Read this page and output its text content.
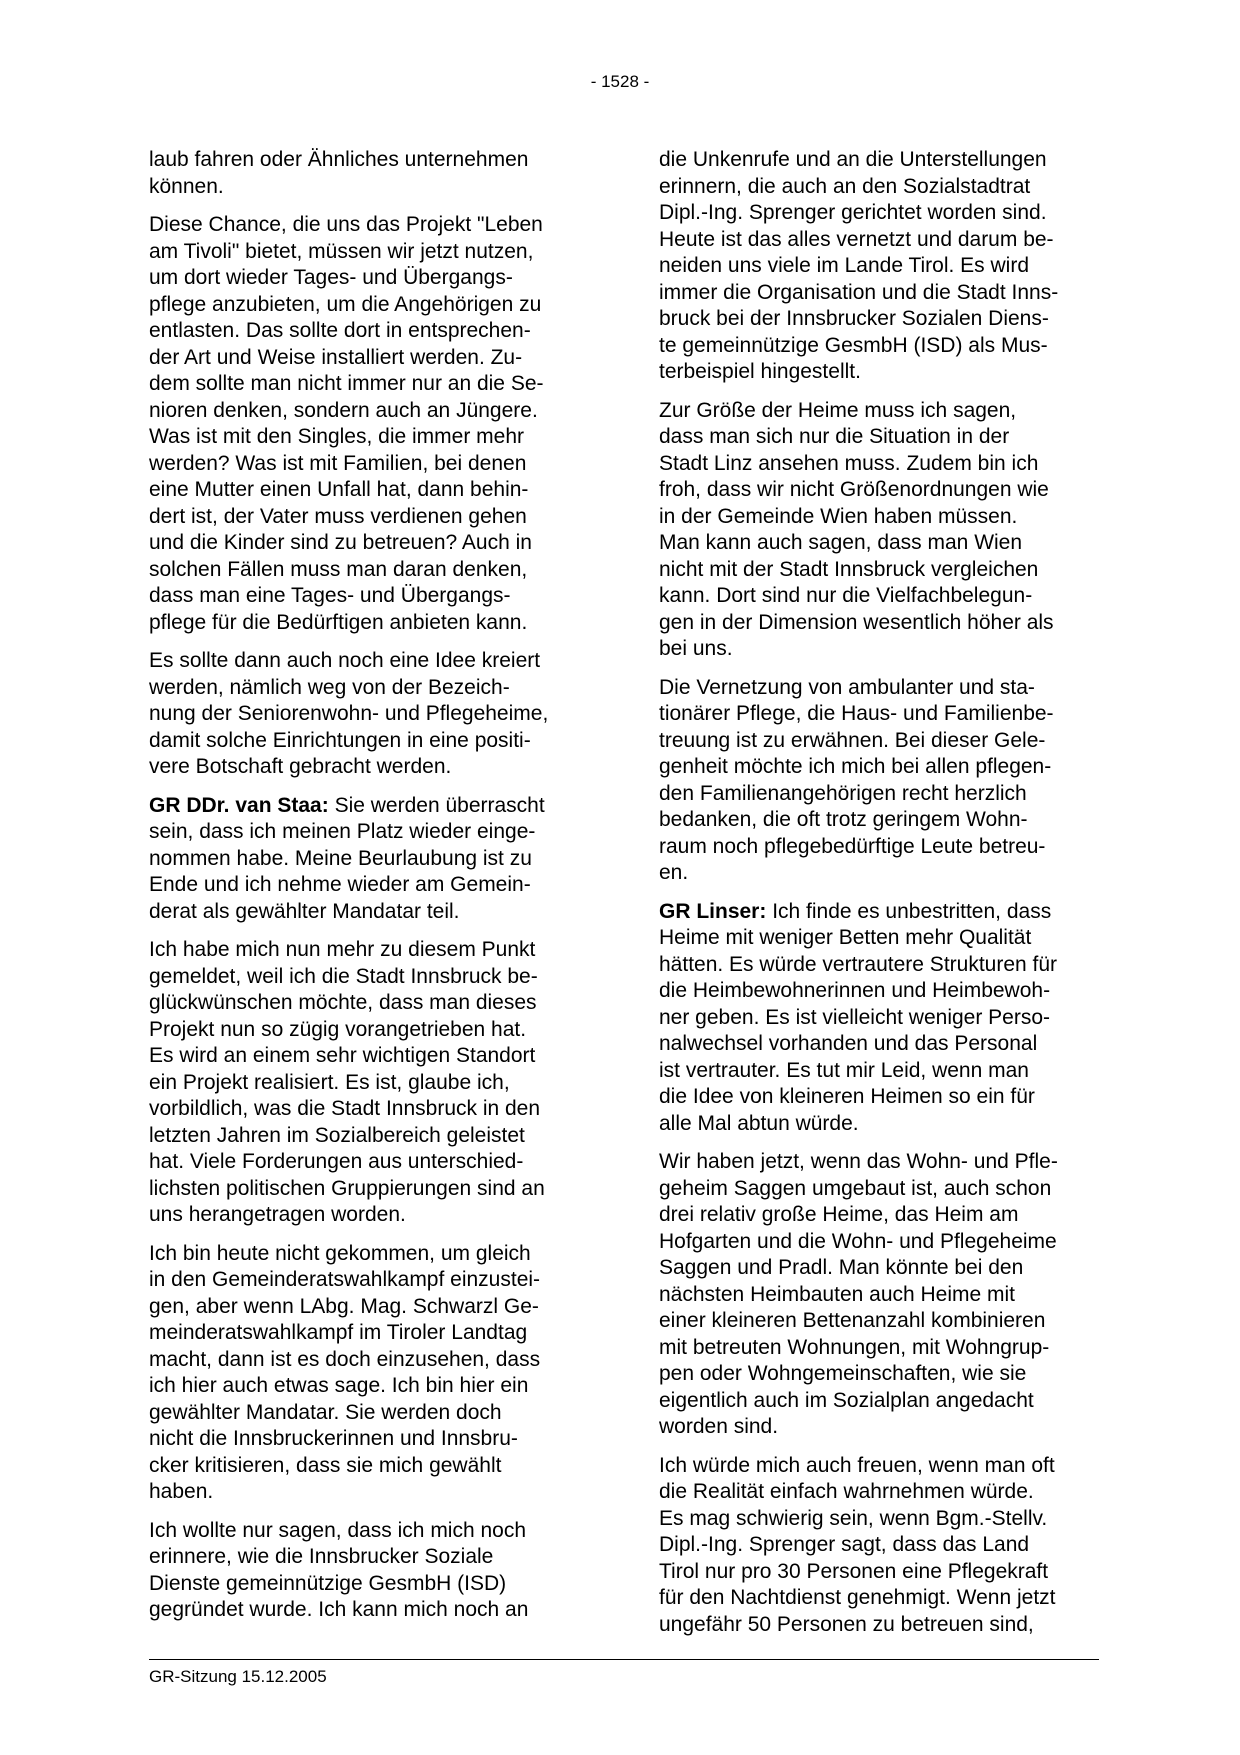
- 1528 -

laub fahren oder Ähnliches unternehmen
können.

Diese Chance, die uns das Projekt "Leben
am Tivoli" bietet, müssen wir jetzt nutzen,
um dort wieder Tages- und Übergangs-
pflege anzubieten, um die Angehörigen zu
entlasten. Das sollte dort in entsprechen-
der Art und Weise installiert werden. Zu-
dem sollte man nicht immer nur an die Se-
nioren denken, sondern auch an Jüngere.
Was ist mit den Singles, die immer mehr
werden? Was ist mit Familien, bei denen
eine Mutter einen Unfall hat, dann behin-
dert ist, der Vater muss verdienen gehen
und die Kinder sind zu betreuen? Auch in
solchen Fällen muss man daran denken,
dass man eine Tages- und Übergangs-
pflege für die Bedürftigen anbieten kann.

Es sollte dann auch noch eine Idee kreiert
werden, nämlich weg von der Bezeich-
nung der Seniorenwohn- und Pflegeheime,
damit solche Einrichtungen in eine positi-
vere Botschaft gebracht werden.

GR DDr. van Staa: Sie werden überrascht
sein, dass ich meinen Platz wieder einge-
nommen habe. Meine Beurlaubung ist zu
Ende und ich nehme wieder am Gemein-
derat als gewählter Mandatar teil.

Ich habe mich nun mehr zu diesem Punkt
gemeldet, weil ich die Stadt Innsbruck be-
glückwünschen möchte, dass man dieses
Projekt nun so zügig vorangetrieben hat.
Es wird an einem sehr wichtigen Standort
ein Projekt realisiert. Es ist, glaube ich,
vorbildlich, was die Stadt Innsbruck in den
letzten Jahren im Sozialbereich geleistet
hat. Viele Forderungen aus unterschied-
lichsten politischen Gruppierungen sind an
uns herangetragen worden.

Ich bin heute nicht gekommen, um gleich
in den Gemeinderatswahlkampf einzustei-
gen, aber wenn LAbg. Mag. Schwarzl Ge-
meinderatswahlkampf im Tiroler Landtag
macht, dann ist es doch einzusehen, dass
ich hier auch etwas sage. Ich bin hier ein
gewählter Mandatar. Sie werden doch
nicht die Innsbruckerinnen und Innsbru-
cker kritisieren, dass sie mich gewählt
haben.

Ich wollte nur sagen, dass ich mich noch
erinnere, wie die Innsbrucker Soziale
Dienste gemeinnützige GesmbH (ISD)
gegründet wurde. Ich kann mich noch an

die Unkenrufe und an die Unterstellungen
erinnern, die auch an den Sozialstadtrat
Dipl.-Ing. Sprenger gerichtet worden sind.
Heute ist das alles vernetzt und darum be-
neiden uns viele im Lande Tirol. Es wird
immer die Organisation und die Stadt Inns-
bruck bei der Innsbrucker Sozialen Diens-
te gemeinnützige GesmbH (ISD) als Mus-
terbeispiel hingestellt.

Zur Größe der Heime muss ich sagen,
dass man sich nur die Situation in der
Stadt Linz ansehen muss. Zudem bin ich
froh, dass wir nicht Größenordnungen wie
in der Gemeinde Wien haben müssen.
Man kann auch sagen, dass man Wien
nicht mit der Stadt Innsbruck vergleichen
kann. Dort sind nur die Vielfachbelegun-
gen in der Dimension wesentlich höher als
bei uns.

Die Vernetzung von ambulanter und sta-
tionärer Pflege, die Haus- und Familienbe-
treuung ist zu erwähnen. Bei dieser Gele-
genheit möchte ich mich bei allen pflegen-
den Familienangehörigen recht herzlich
bedanken, die oft trotz geringem Wohn-
raum noch pflegebedürftige Leute betreu-
en.

GR Linser: Ich finde es unbestritten, dass
Heime mit weniger Betten mehr Qualität
hätten. Es würde vertrautere Strukturen für
die Heimbewohnerinnen und Heimbewoh-
ner geben. Es ist vielleicht weniger Perso-
nalwechsel vorhanden und das Personal
ist vertrauter. Es tut mir Leid, wenn man
die Idee von kleineren Heimen so ein für
alle Mal abtun würde.

Wir haben jetzt, wenn das Wohn- und Pfle-
geheim Saggen umgebaut ist, auch schon
drei relativ große Heime, das Heim am
Hofgarten und die Wohn- und Pflegeheime
Saggen und Pradl. Man könnte bei den
nächsten Heimbauten auch Heime mit
einer kleineren Bettenanzahl kombinieren
mit betreuten Wohnungen, mit Wohngrup-
pen oder Wohngemeinschaften, wie sie
eigentlich auch im Sozialplan angedacht
worden sind.

Ich würde mich auch freuen, wenn man oft
die Realität einfach wahrnehmen würde.
Es mag schwierig sein, wenn Bgm.-Stellv.
Dipl.-Ing. Sprenger sagt, dass das Land
Tirol nur pro 30 Personen eine Pflegekraft
für den Nachtdienst genehmigt. Wenn jetzt
ungefähr 50 Personen zu betreuen sind,

GR-Sitzung 15.12.2005
